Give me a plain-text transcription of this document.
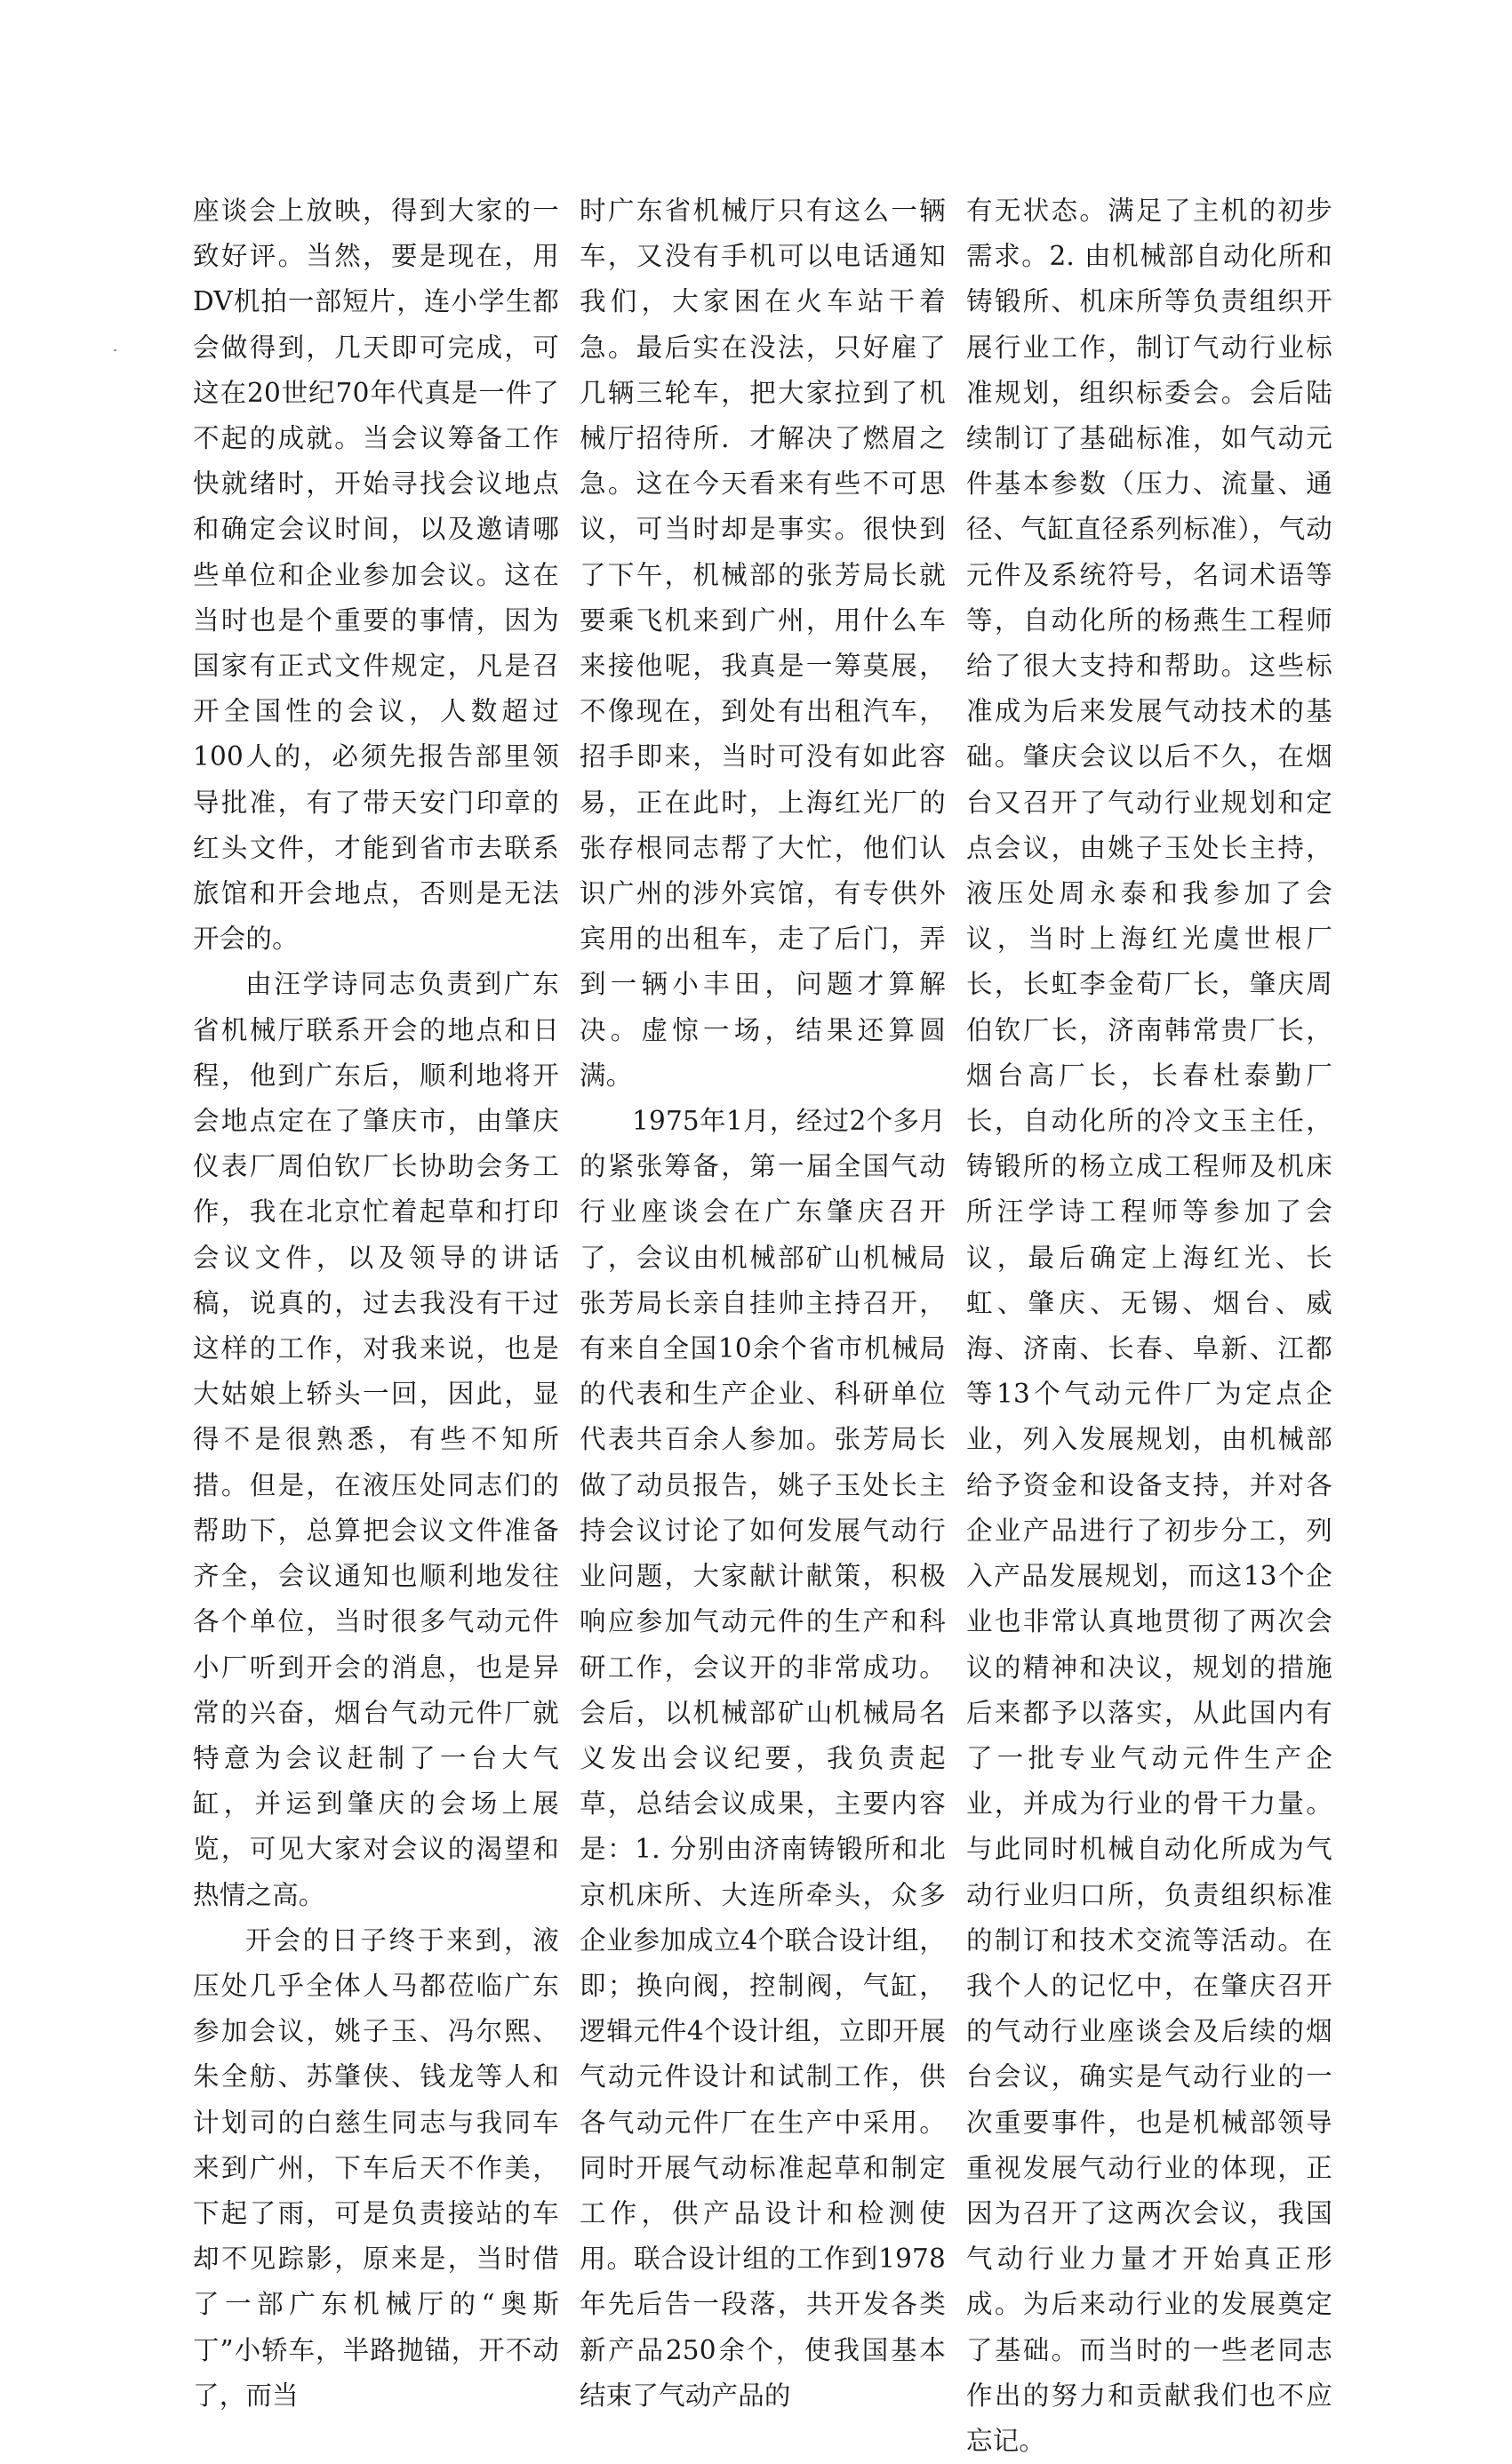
座谈会上放映，得到大家的一致好评。当然，要是现在，用DV机拍一部短片，连小学生都会做得到，几天即可完成，可这在20世纪70年代真是一件了不起的成就。当会议筹备工作快就绪时，开始寻找会议地点和确定会议时间，以及邀请哪些单位和企业参加会议。这在当时也是个重要的事情，因为国家有正式文件规定，凡是召开全国性的会议，人数超过100人的，必须先报告部里领导批准，有了带天安门印章的红头文件，才能到省市去联系旅馆和开会地点，否则是无法开会的。

由汪学诗同志负责到广东省机械厅联系开会的地点和日程，他到广东后，顺利地将开会地点定在了肇庆市，由肇庆仪表厂周伯钦厂长协助会务工作，我在北京忙着起草和打印会议文件，以及领导的讲话稿，说真的，过去我没有干过这样的工作，对我来说，也是大姑娘上轿头一回，因此，显得不是很熟悉，有些不知所措。但是，在液压处同志们的帮助下，总算把会议文件准备齐全，会议通知也顺利地发往各个单位，当时很多气动元件小厂听到开会的消息，也是异常的兴奋，烟台气动元件厂就特意为会议赶制了一台大气缸，并运到肇庆的会场上展览，可见大家对会议的渴望和热情之高。

开会的日子终于来到，液压处几乎全体人马都莅临广东参加会议，姚子玉、冯尔熙、朱全舫、苏肇侠、钱龙等人和计划司的白慈生同志与我同车来到广州，下车后天不作美，下起了雨，可是负责接站的车却不见踪影，原来是，当时借了一部广东机械厅的“奥斯丁”小轿车，半路抛锚，开不动了，而当

时广东省机械厅只有这么一辆车，又没有手机可以电话通知我们，大家困在火车站干着急。最后实在没法，只好雇了几辆三轮车，把大家拉到了机械厅招待所．才解决了燃眉之急。这在今天看来有些不可思议，可当时却是事实。很快到了下午，机械部的张芳局长就要乘飞机来到广州，用什么车来接他呢，我真是一筹莫展，不像现在，到处有出租汽车，招手即来，当时可没有如此容易，正在此时，上海红光厂的张存根同志帮了大忙，他们认识广州的涉外宾馆，有专供外宾用的出租车，走了后门，弄到一辆小丰田，问题才算解决。虚惊一场，结果还算圆满。

1975年1月，经过2个多月的紧张筹备，第一届全国气动行业座谈会在广东肇庆召开了，会议由机械部矿山机械局张芳局长亲自挂帅主持召开，有来自全国10余个省市机械局的代表和生产企业、科研单位代表共百余人参加。张芳局长做了动员报告，姚子玉处长主持会议讨论了如何发展气动行业问题，大家献计献策，积极响应参加气动元件的生产和科研工作，会议开的非常成功。会后，以机械部矿山机械局名义发出会议纪要，我负责起草，总结会议成果，主要内容是：1. 分别由济南铸锻所和北京机床所、大连所牵头，众多企业参加成立4个联合设计组，即；换向阀，控制阀，气缸，逻辑元件4个设计组，立即开展气动元件设计和试制工作，供各气动元件厂在生产中采用。同时开展气动标准起草和制定工作，供产品设计和检测使用。联合设计组的工作到1978年先后告一段落，共开发各类新产品250余个，使我国基本结束了气动产品的

有无状态。满足了主机的初步需求。2. 由机械部自动化所和铸锻所、机床所等负责组织开展行业工作，制订气动行业标准规划，组织标委会。会后陆续制订了基础标准，如气动元件基本参数（压力、流量、通径、气缸直径系列标准），气动元件及系统符号，名词术语等等，自动化所的杨燕生工程师给了很大支持和帮助。这些标准成为后来发展气动技术的基础。肇庆会议以后不久，在烟台又召开了气动行业规划和定点会议，由姚子玉处长主持，液压处周永泰和我参加了会议，当时上海红光虞世根厂长，长虹李金荀厂长，肇庆周伯钦厂长，济南韩常贵厂长，烟台高厂长，长春杜泰勤厂长，自动化所的冷文玉主任，铸锻所的杨立成工程师及机床所汪学诗工程师等参加了会议，最后确定上海红光、长虹、肇庆、无锡、烟台、威海、济南、长春、阜新、江都等13个气动元件厂为定点企业，列入发展规划，由机械部给予资金和设备支持，并对各企业产品进行了初步分工，列入产品发展规划，而这13个企业也非常认真地贯彻了两次会议的精神和决议，规划的措施后来都予以落实，从此国内有了一批专业气动元件生产企业，并成为行业的骨干力量。与此同时机械自动化所成为气动行业归口所，负责组织标准的制订和技术交流等活动。在我个人的记忆中，在肇庆召开的气动行业座谈会及后续的烟台会议，确实是气动行业的一次重要事件，也是机械部领导重视发展气动行业的体现，正因为召开了这两次会议，我国气动行业力量才开始真正形成。为后来动行业的发展奠定了基础。而当时的一些老同志作出的努力和贡献我们也不应忘记。
